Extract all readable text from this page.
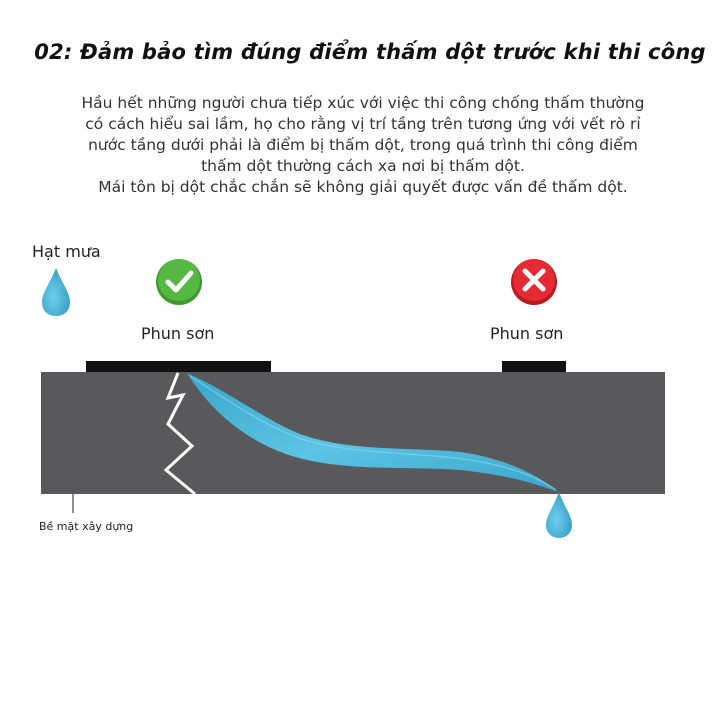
02: Đảm bảo tìm đúng điểm thấm dột trước khi thi công
Hầu hết những người chưa tiếp xúc với việc thi công chống thấm thường
có cách hiểu sai lầm, họ cho rằng vị trí tầng trên tương ứng với vết rò rỉ
nước tầng dưới phải là điểm bị thấm dột, trong quá trình thi công điểm
thấm dột thường cách xa nơi bị thấm dột.
Mái tôn bị dột chắc chắn sẽ không giải quyết được vấn đề thấm dột.
Hạt mưa
Phun sơn	Phun sơn
Bề mặt xây dựng
